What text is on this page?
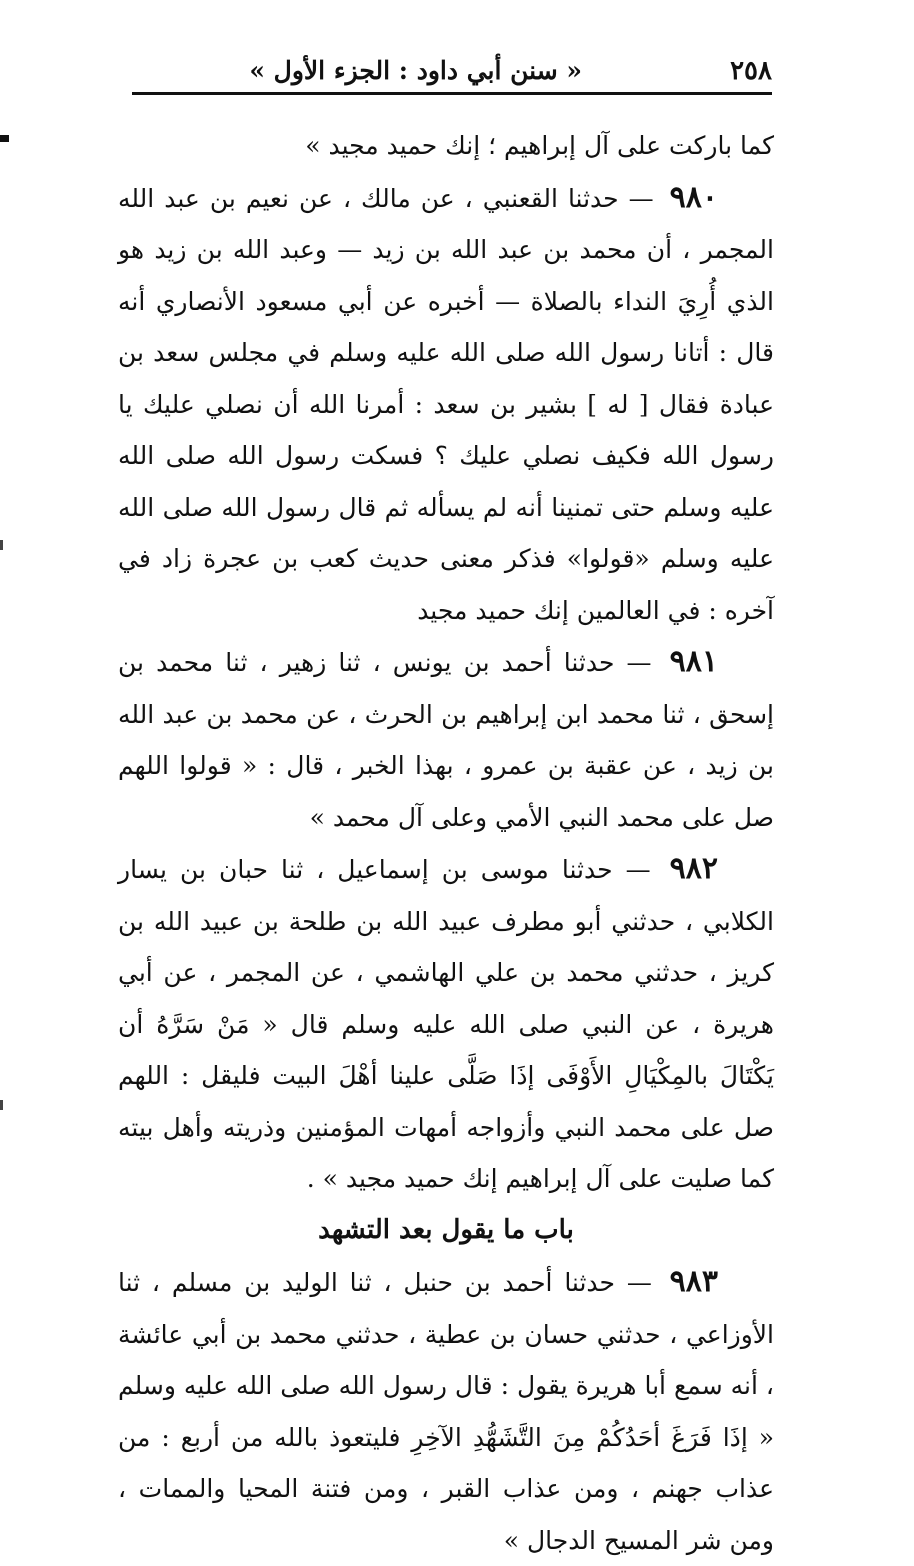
٢٥٨
« سنن أبي داود : الجزء الأول »

كما باركت على آل إبراهيم ؛ إنك حميد مجيد »

٩٨٠ — حدثنا القعنبي ، عن مالك ، عن نعيم بن عبد الله المجمر ، أن محمد بن عبد الله بن زيد — وعبد الله بن زيد هو الذي أُرِيَ النداء بالصلاة — أخبره عن أبي مسعود الأنصاري أنه قال : أتانا رسول الله صلى الله عليه وسلم في مجلس سعد بن عبادة فقال [ له ] بشير بن سعد : أمرنا الله أن نصلي عليك يا رسول الله فكيف نصلي عليك ؟ فسكت رسول الله صلى الله عليه وسلم حتى تمنينا أنه لم يسأله ثم قال رسول الله صلى الله عليه وسلم «قولوا» فذكر معنى حديث كعب بن عجرة زاد في آخره : في العالمين إنك حميد مجيد

٩٨١ — حدثنا أحمد بن يونس ، ثنا زهير ، ثنا محمد بن إسحق ، ثنا محمد ابن إبراهيم بن الحرث ، عن محمد بن عبد الله بن زيد ، عن عقبة بن عمرو ، بهذا الخبر ، قال : « قولوا اللهم صل على محمد النبي الأمي وعلى آل محمد »

٩٨٢ — حدثنا موسى بن إسماعيل ، ثنا حبان بن يسار الكلابي ، حدثني أبو مطرف عبيد الله بن طلحة بن عبيد الله بن كريز ، حدثني محمد بن علي الهاشمي ، عن المجمر ، عن أبي هريرة ، عن النبي صلى الله عليه وسلم قال « مَنْ سَرَّهُ أن يَكْتَالَ بالمِكْيَالِ الأَوْفَى إذَا صَلَّى علينا أهْلَ البيت فليقل : اللهم صل على محمد النبي وأزواجه أمهات المؤمنين وذريته وأهل بيته كما صليت على آل إبراهيم إنك حميد مجيد » .

باب ما يقول بعد التشهد

٩٨٣ — حدثنا أحمد بن حنبل ، ثنا الوليد بن مسلم ، ثنا الأوزاعي ، حدثني حسان بن عطية ، حدثني محمد بن أبي عائشة ، أنه سمع أبا هريرة يقول : قال رسول الله صلى الله عليه وسلم « إذَا فَرَغَ أحَدُكُمْ مِنَ التَّشَهُّدِ الآخِرِ فليتعوذ بالله من أربع : من عذاب جهنم ، ومن عذاب القبر ، ومن فتنة المحيا والممات ، ومن شر المسيح الدجال »
